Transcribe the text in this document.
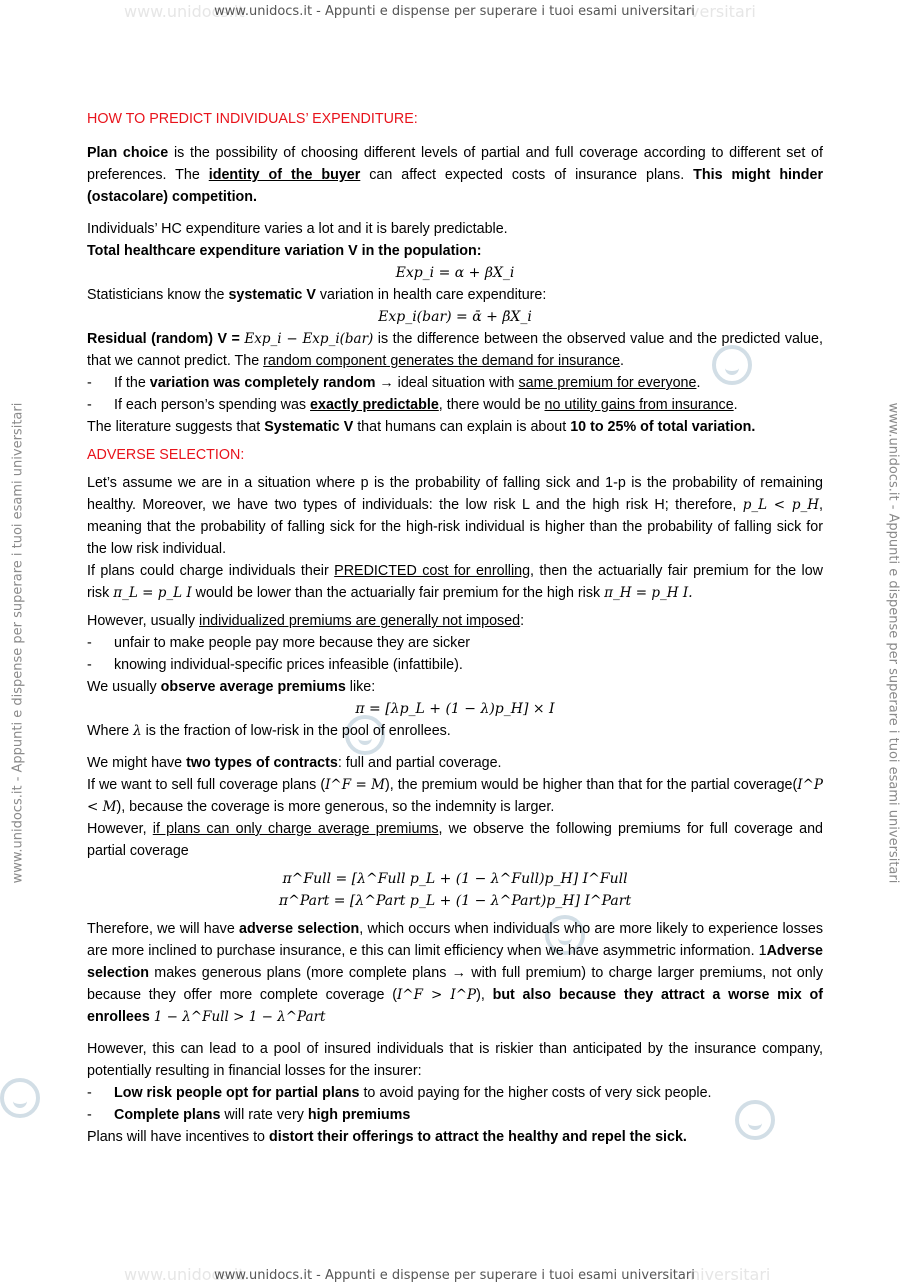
www.unidocs.it	versitari
www.unidocs.it - Appunti e dispense per superare i tuoi esami universitari
www.unidocs.it	niversitari
www.unidocs.it - Appunti e dispense per superare i tuoi esami universitari
www.unidocs.it - Appunti e dispense per superare i tuoi esami universitari	www.unidocs.it - Appunti e dispense per superare i tuoi esami universitari

HOW TO PREDICT INDIVIDUALS’ EXPENDITURE:

Plan choice is the possibility of choosing different levels of partial and full coverage according to different set of preferences. The identity of the buyer can affect expected costs of insurance plans. This might hinder (ostacolare) competition.

Individuals’ HC expenditure varies a lot and it is barely predictable.

Total healthcare expenditure variation V in the population:

Exp_i = α + βX_i

Statisticians know the systematic V variation in health care expenditure:

Exp_i(bar) = ᾱ + β̄X_i

Residual (random) V = Exp_i − Exp_i(bar) is the difference between the observed value and the predicted value, that we cannot predict. The random component generates the demand for insurance.

- If the variation was completely random → ideal situation with same premium for everyone.

- If each person’s spending was exactly predictable, there would be no utility gains from insurance.

The literature suggests that Systematic V that humans can explain is about 10 to 25% of total variation.

ADVERSE SELECTION:

Let’s assume we are in a situation where p is the probability of falling sick and 1-p is the probability of remaining healthy. Moreover, we have two types of individuals: the low risk L and the high risk H; therefore, p_L < p_H, meaning that the probability of falling sick for the high-risk individual is higher than the probability of falling sick for the low risk individual.

If plans could charge individuals their PREDICTED cost for enrolling, then the actuarially fair premium for the low risk π_L = p_L I would be lower than the actuarially fair premium for the high risk π_H = p_H I.

However, usually individualized premiums are generally not imposed:

- unfair to make people pay more because they are sicker

- knowing individual-specific prices infeasible (infattibile).

We usually observe average premiums like:

π = [λp_L + (1 − λ)p_H] × I

Where λ is the fraction of low-risk in the pool of enrollees.

We might have two types of contracts: full and partial coverage.

If we want to sell full coverage plans (I^F = M), the premium would be higher than that for the partial coverage(I^P < M), because the coverage is more generous, so the indemnity is larger.

However, if plans can only charge average premiums, we observe the following premiums for full coverage and partial coverage

π^Full = [λ^Full p_L + (1 − λ^Full)p_H] I^Full

π^Part = [λ^Part p_L + (1 − λ^Part)p_H] I^Part

Therefore, we will have adverse selection, which occurs when individuals who are more likely to experience losses are more inclined to purchase insurance, e this can limit efficiency when we have asymmetric information. 1Adverse selection makes generous plans (more complete plans → with full premium) to charge larger premiums, not only because they offer more complete coverage (I^F > I^P), but also because they attract a worse mix of enrollees 1 − λ^Full > 1 − λ^Part

However, this can lead to a pool of insured individuals that is riskier than anticipated by the insurance company, potentially resulting in financial losses for the insurer:

- Low risk people opt for partial plans to avoid paying for the higher costs of very sick people.

- Complete plans will rate very high premiums

Plans will have incentives to distort their offerings to attract the healthy and repel the sick.
